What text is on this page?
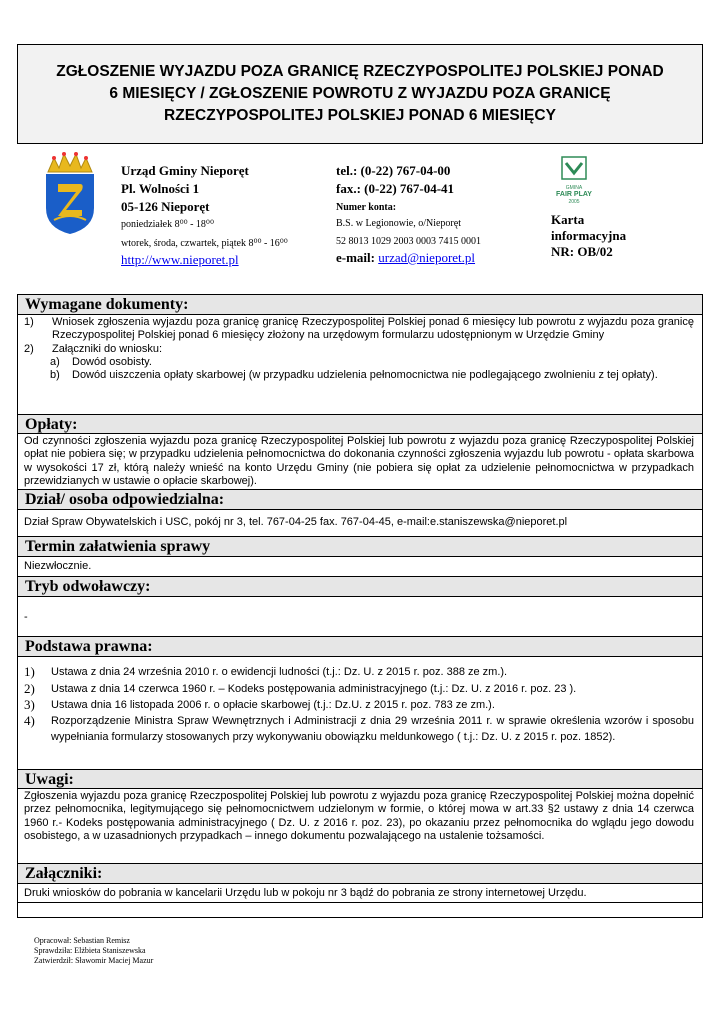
ZGŁOSZENIE WYJAZDU POZA GRANICĘ RZECZYPOSPOLITEJ POLSKIEJ PONAD
6 MIESIĘCY / ZGŁOSZENIE POWROTU Z WYJAZDU POZA GRANICĘ
RZECZYPOSPOLITEJ POLSKIEJ PONAD 6 MIESIĘCY
Urząd Gminy Nieporęt
Pl. Wolności 1
05-126 Nieporęt
poniedziałek 8⁰⁰ - 18⁰⁰
wtorek, środa, czwartek, piątek 8⁰⁰ - 16⁰⁰
http://www.nieporet.pl
tel.: (0-22) 767-04-00
fax.: (0-22) 767-04-41
Numer konta:
B.S. w Legionowie, o/Nieporęt
52 8013 1029 2003 0003 7415 0001
e-mail: urzad@nieporet.pl
GMINA
FAIR PLAY
2005
Karta
informacyjna
NR: OB/02
Wymagane dokumenty:
1)	Wniosek zgłoszenia wyjazdu poza granicę granicę Rzeczypospolitej Polskiej ponad 6 miesięcy lub powrotu z wyjazdu poza granicę Rzeczypospolitej Polskiej ponad 6 miesięcy złożony na urzędowym formularzu udostępnionym w Urzędzie Gminy
2)	Załączniki do wniosku:
a)	Dowód osobisty.
b)	Dowód uiszczenia opłaty skarbowej (w przypadku udzielenia pełnomocnictwa nie podlegającego zwolnieniu z tej opłaty).
Opłaty:
Od czynności zgłoszenia wyjazdu poza granicę Rzeczypospolitej Polskiej lub powrotu z wyjazdu poza granicę Rzeczypospolitej Polskiej opłat nie pobiera się; w przypadku udzielenia pełnomocnictwa do dokonania czynności zgłoszenia wyjazdu lub powrotu - opłata skarbowa w wysokości 17 zł, którą należy wnieść na konto Urzędu Gminy (nie pobiera się opłat za udzielenie pełnomocnictwa w przypadkach przewidzianych w ustawie o opłacie skarbowej).
Dział/ osoba odpowiedzialna:
Dział Spraw Obywatelskich i USC, pokój nr 3, tel. 767-04-25 fax. 767-04-45, e-mail:e.staniszewska@nieporet.pl
Termin załatwienia sprawy
Niezwłocznie.
Tryb odwoławczy:
-
Podstawa prawna:
1)	Ustawa z dnia 24 września 2010 r. o ewidencji ludności (t.j.: Dz. U. z 2015 r. poz. 388 ze zm.).
2)	Ustawa z dnia 14 czerwca 1960 r. – Kodeks postępowania administracyjnego (t.j.: Dz. U. z 2016 r. poz. 23 ).
3)	Ustawa dnia 16 listopada 2006 r. o opłacie skarbowej (t.j.: Dz.U. z 2015 r. poz. 783 ze zm.).
4)	Rozporządzenie Ministra Spraw Wewnętrznych i Administracji z dnia 29 września 2011 r. w sprawie określenia wzorów i sposobu wypełniania formularzy stosowanych przy wykonywaniu obowiązku meldunkowego ( t.j.: Dz. U. z 2015 r. poz. 1852).
Uwagi:
Zgłoszenia wyjazdu poza granicę Rzeczpospolitej Polskiej lub powrotu z wyjazdu poza granicę Rzeczypospolitej Polskiej można dopełnić przez pełnomocnika, legitymującego się pełnomocnictwem udzielonym w formie, o której mowa w art.33 §2 ustawy z dnia 14 czerwca 1960 r.- Kodeks postępowania administracyjnego ( Dz. U. z 2016 r. poz. 23), po okazaniu przez pełnomocnika do wglądu jego dowodu osobistego, a w uzasadnionych przypadkach – innego dokumentu pozwalającego na ustalenie tożsamości.
Załączniki:
Druki wniosków do pobrania w kancelarii Urzędu lub w pokoju nr 3 bądź do pobrania ze strony internetowej Urzędu.
Opracował: Sebastian Remisz
Sprawdziła: Elżbieta Staniszewska
Zatwierdził: Sławomir Maciej Mazur
